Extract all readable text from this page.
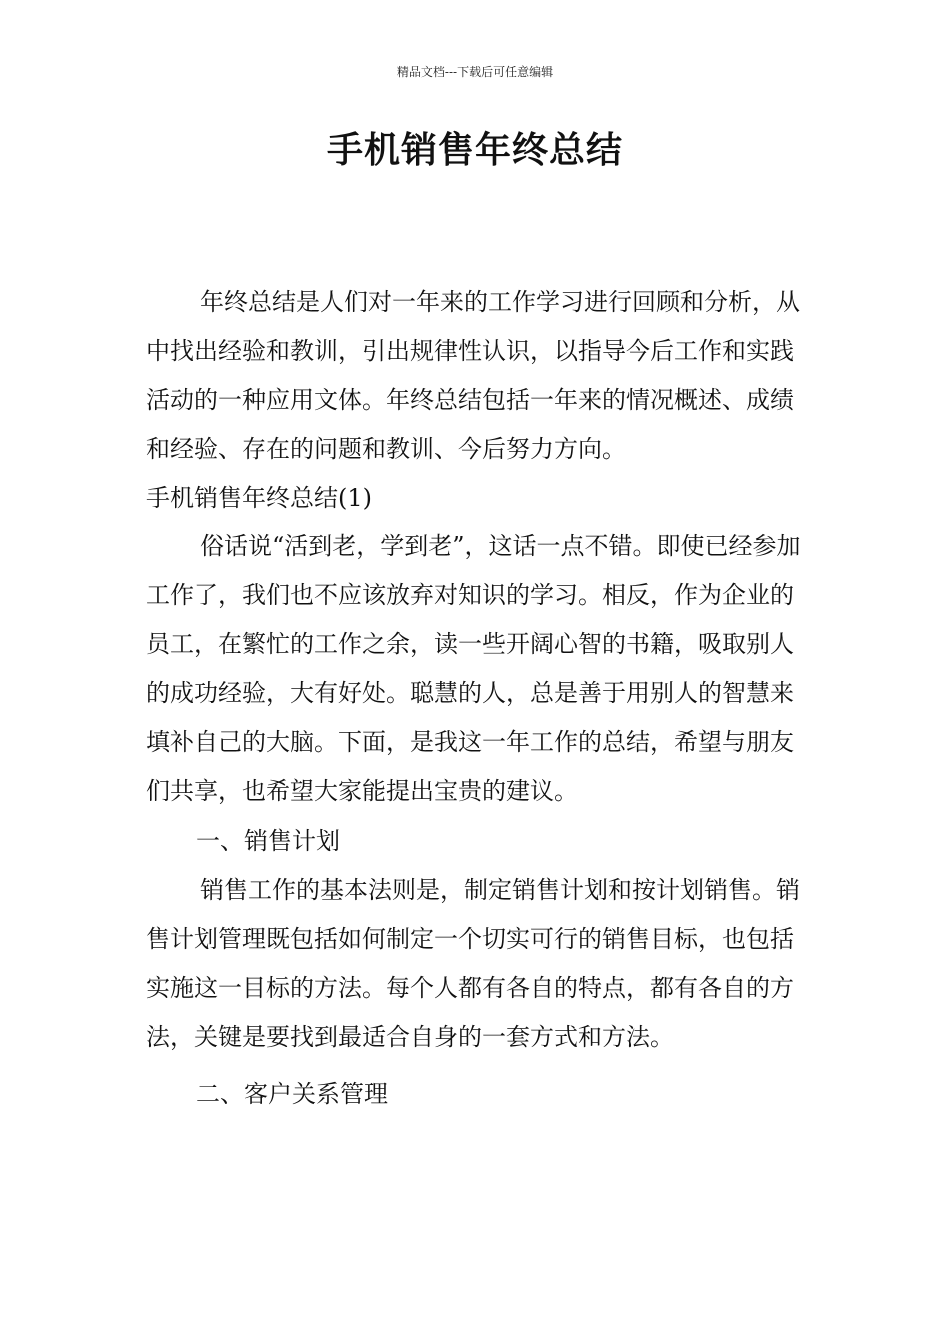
精品文档---下载后可任意编辑
手机销售年终总结

年终总结是人们对一年来的工作学习进行回顾和分析，从中找出经验和教训，引出规律性认识，以指导今后工作和实践活动的一种应用文体。年终总结包括一年来的情况概述、成绩和经验、存在的问题和教训、今后努力方向。

手机销售年终总结(1)

俗话说“活到老，学到老”，这话一点不错。即使已经参加工作了，我们也不应该放弃对知识的学习。相反，作为企业的员工，在繁忙的工作之余，读一些开阔心智的书籍，吸取别人的成功经验，大有好处。聪慧的人，总是善于用别人的智慧来填补自己的大脑。下面，是我这一年工作的总结，希望与朋友们共享，也希望大家能提出宝贵的建议。

一、销售计划

销售工作的基本法则是，制定销售计划和按计划销售。销售计划管理既包括如何制定一个切实可行的销售目标，也包括实施这一目标的方法。每个人都有各自的特点，都有各自的方法，关键是要找到最适合自身的一套方式和方法。

二、客户关系管理
